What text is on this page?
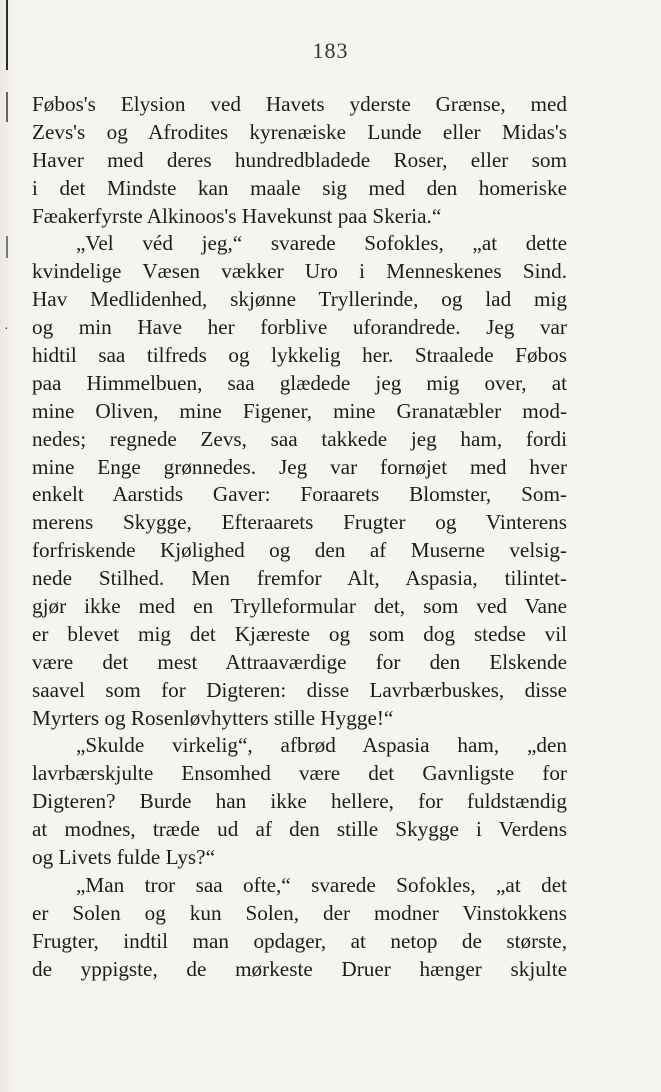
·
183
Føbos's Elysion ved Havets yderste Grænse, med
Zevs's og Afrodites kyrenæiske Lunde eller Midas's
Haver med deres hundredbladede Roser, eller som
i det Mindste kan maale sig med den homeriske
Fæakerfyrste Alkinoos's Havekunst paa Skeria.“
„Vel véd jeg,“ svarede Sofokles, „at dette
kvindelige Væsen vækker Uro i Menneskenes Sind.
Hav Medlidenhed, skjønne Tryllerinde, og lad mig
og min Have her forblive uforandrede. Jeg var
hidtil saa tilfreds og lykkelig her. Straalede Føbos
paa Himmelbuen, saa glædede jeg mig over, at
mine Oliven, mine Figener, mine Granatæbler mod-
nedes; regnede Zevs, saa takkede jeg ham, fordi
mine Enge grønnedes. Jeg var fornøjet med hver
enkelt Aarstids Gaver: Foraarets Blomster, Som-
merens Skygge, Efteraarets Frugter og Vinterens
forfriskende Kjølighed og den af Muserne velsig-
nede Stilhed. Men fremfor Alt, Aspasia, tilintet-
gjør ikke med en Trylleformular det, som ved Vane
er blevet mig det Kjæreste og som dog stedse vil
være det mest Attraaværdige for den Elskende
saavel som for Digteren: disse Lavrbærbuskes, disse
Myrters og Rosenløvhytters stille Hygge!“
„Skulde virkelig“, afbrød Aspasia ham, „den
lavrbærskjulte Ensomhed være det Gavnligste for
Digteren? Burde han ikke hellere, for fuldstændig
at modnes, træde ud af den stille Skygge i Verdens
og Livets fulde Lys?“
„Man tror saa ofte,“ svarede Sofokles, „at det
er Solen og kun Solen, der modner Vinstokkens
Frugter, indtil man opdager, at netop de største,
de yppigste, de mørkeste Druer hænger skjulte
